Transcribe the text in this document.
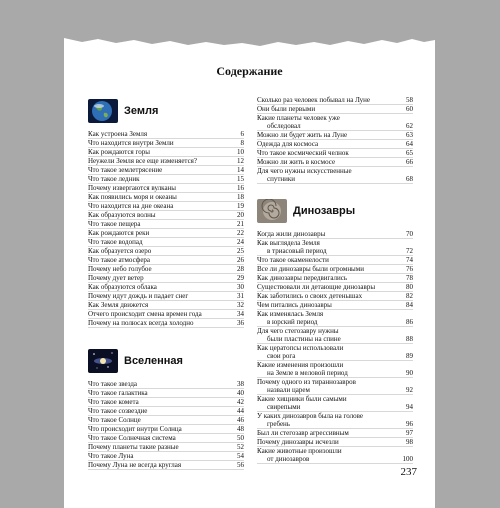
Содержание
Земля
Как устроена Земля	6
Что находится внутри Земли	8
Как рождаются горы	10
Неужели Земля все еще изменяется?	12
Что такое землетрясение	14
Что такое ледник	15
Почему извергаются вулканы	16
Как появились моря и океаны	18
Что находится на дне океана	19
Как образуются волны	20
Что такое пещера	21
Как рождаются реки	22
Что такое водопад	24
Как образуется озеро	25
Что такое атмосфера	26
Почему небо голубое	28
Почему дует ветер	29
Как образуются облака	30
Почему идут дождь и падает снег	31
Как Земля движется	32
Отчего происходит смена времен года	34
Почему на полюсах всегда холодно	36
Вселенная
Что такое звезда	38
Что такое галактика	40
Что такое комета	42
Что такое созвездие	44
Что такое Солнце	46
Что происходит внутри Солнца	48
Что такое Солнечная система	50
Почему планеты такие разные	52
Что такое Луна	54
Почему Луна не всегда круглая	56
Сколько раз человек побывал на Луне	58
Они были первыми	60
Какие планеты человек уже
обследовал	62
Можно ли будет жить на Луне	63
Одежда для космоса	64
Что такое космический челнок	65
Можно ли жить в космосе	66
Для чего нужны искусственные
спутники	68
Динозавры
Когда жили динозавры	70
Как выглядела Земля
в триасовый период	72
Что такое окаменелости	74
Все ли динозавры были огромными	76
Как динозавры передвигались	78
Существовали ли детающие динозавры	80
Как заботились о своих детенышах	82
Чем питались динозавры	84
Как изменялась Земля
в юрский период	86
Для чего стегозавру нужны
были пластины на спине	88
Как цератопсы использовали
свои рога	89
Какие изменения произошли
на Земле в меловой период	90
Почему одного из тираннозавров
назвали царем	92
Какие хищники были самыми
свирепыми	94
У каких динозавров была на голове
гребень	96
Был ли стегозавр агрессивным	97
Почему динозавры исчезли	98
Какие животные произошли
от динозавров	100
237
